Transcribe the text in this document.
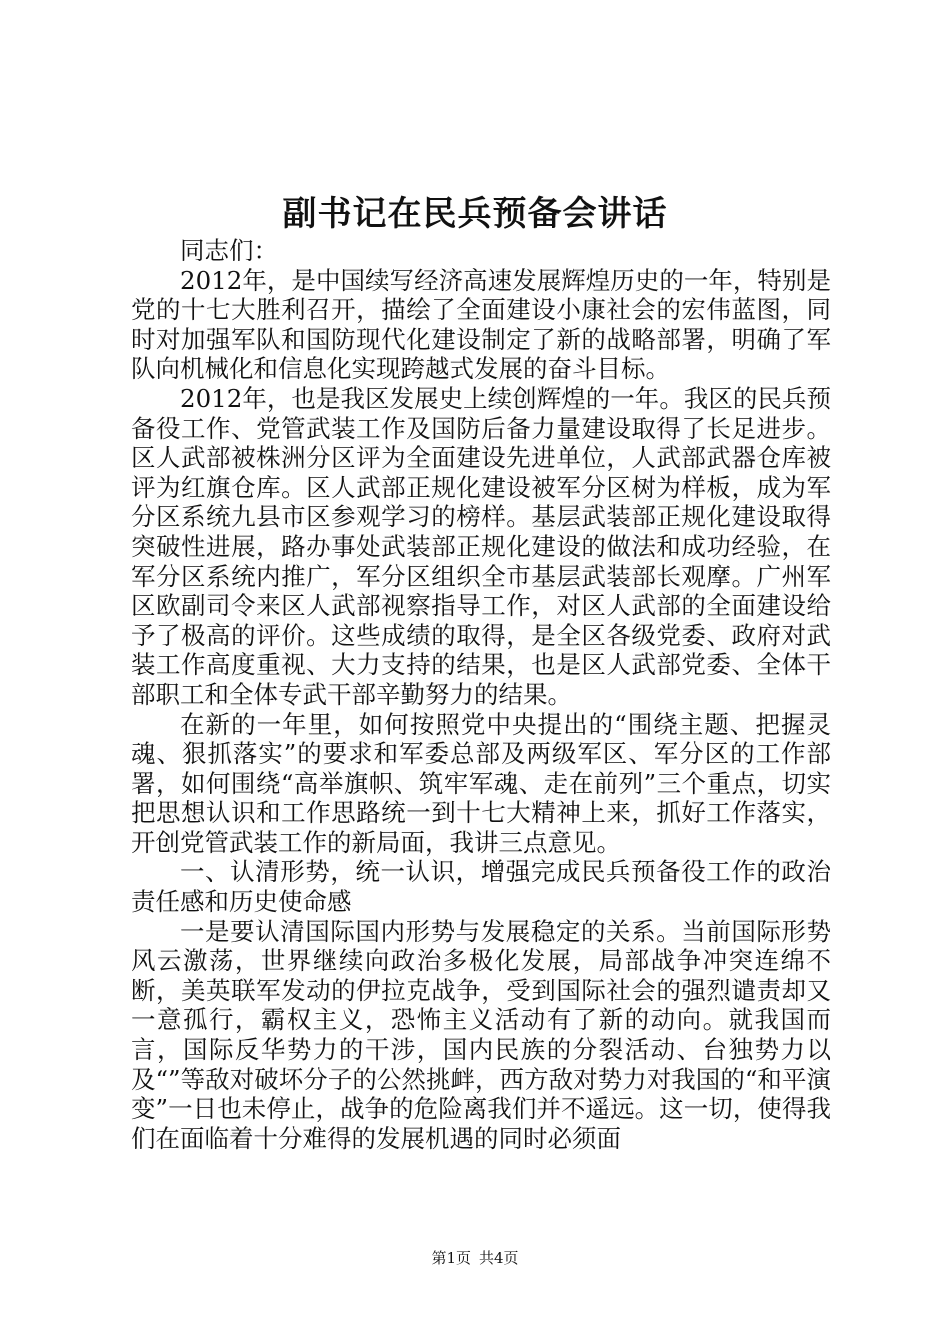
副书记在民兵预备会讲话

同志们：

2012年，是中国续写经济高速发展辉煌历史的一年，特别是党的十七大胜利召开，描绘了全面建设小康社会的宏伟蓝图，同时对加强军队和国防现代化建设制定了新的战略部署，明确了军队向机械化和信息化实现跨越式发展的奋斗目标。

2012年，也是我区发展史上续创辉煌的一年。我区的民兵预备役工作、党管武装工作及国防后备力量建设取得了长足进步。区人武部被株洲分区评为全面建设先进单位，人武部武器仓库被评为红旗仓库。区人武部正规化建设被军分区树为样板，成为军分区系统九县市区参观学习的榜样。基层武装部正规化建设取得突破性进展，路办事处武装部正规化建设的做法和成功经验，在军分区系统内推广，军分区组织全市基层武装部长观摩。广州军区欧副司令来区人武部视察指导工作，对区人武部的全面建设给予了极高的评价。这些成绩的取得，是全区各级党委、政府对武装工作高度重视、大力支持的结果，也是区人武部党委、全体干部职工和全体专武干部辛勤努力的结果。

在新的一年里，如何按照党中央提出的“围绕主题、把握灵魂、狠抓落实”的要求和军委总部及两级军区、军分区的工作部署，如何围绕“高举旗帜、筑牢军魂、走在前列”三个重点，切实把思想认识和工作思路统一到十七大精神上来，抓好工作落实，开创党管武装工作的新局面，我讲三点意见。

一、认清形势，统一认识，增强完成民兵预备役工作的政治责任感和历史使命感

一是要认清国际国内形势与发展稳定的关系。当前国际形势风云激荡，世界继续向政治多极化发展，局部战争冲突连绵不断，美英联军发动的伊拉克战争，受到国际社会的强烈谴责却又一意孤行，霸权主义，恐怖主义活动有了新的动向。就我国而言，国际反华势力的干涉，国内民族的分裂活动、台独势力以及“”等敌对破坏分子的公然挑衅，西方敌对势力对我国的“和平演变”一日也未停止，战争的危险离我们并不遥远。这一切，使得我们在面临着十分难得的发展机遇的同时必须面

第1页 共4页
